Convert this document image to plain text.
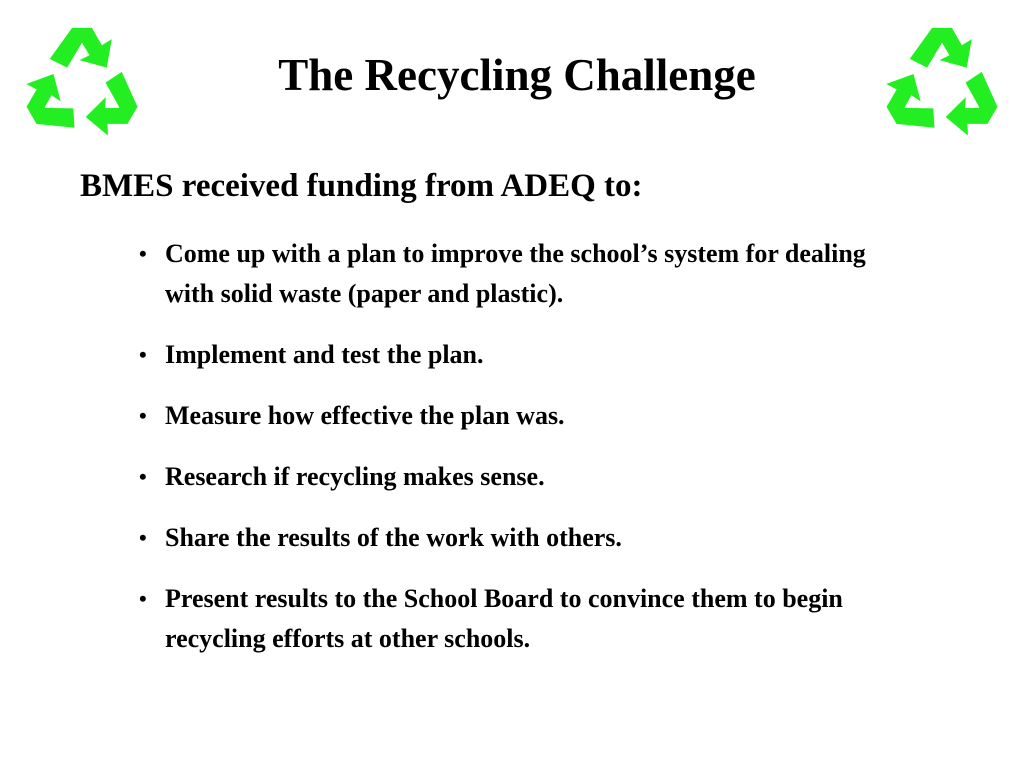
The Recycling Challenge

BMES received funding from ADEQ to:

• Come up with a plan to improve the school’s system for dealing with solid waste (paper and plastic).
• Implement and test the plan.
• Measure how effective the plan was.
• Research if recycling makes sense.
• Share the results of the work with others.
• Present results to the School Board to convince them to begin recycling efforts at other schools.
